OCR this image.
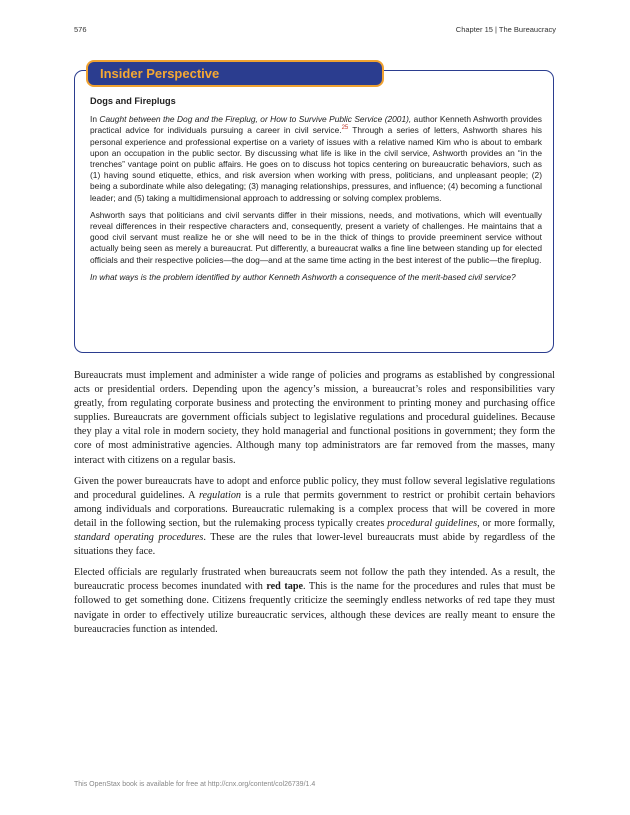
576	Chapter 15 | The Bureaucracy
Insider Perspective
Dogs and Fireplugs

In Caught between the Dog and the Fireplug, or How to Survive Public Service (2001), author Kenneth Ashworth provides practical advice for individuals pursuing a career in civil service.$^{25}$ Through a series of letters, Ashworth shares his personal experience and professional expertise on a variety of issues with a relative named Kim who is about to embark upon an occupation in the public sector. By discussing what life is like in the civil service, Ashworth provides an “in the trenches” vantage point on public affairs. He goes on to discuss hot topics centering on bureaucratic behaviors, such as (1) having sound etiquette, ethics, and risk aversion when working with press, politicians, and unpleasant people; (2) being a subordinate while also delegating; (3) managing relationships, pressures, and influence; (4) becoming a functional leader; and (5) taking a multidimensional approach to addressing or solving complex problems.

Ashworth says that politicians and civil servants differ in their missions, needs, and motivations, which will eventually reveal differences in their respective characters and, consequently, present a variety of challenges. He maintains that a good civil servant must realize he or she will need to be in the thick of things to provide preeminent service without actually being seen as merely a bureaucrat. Put differently, a bureaucrat walks a fine line between standing up for elected officials and their respective policies—the dog—and at the same time acting in the best interest of the public—the fireplug.

In what ways is the problem identified by author Kenneth Ashworth a consequence of the merit-based civil service?

Bureaucrats must implement and administer a wide range of policies and programs as established by congressional acts or presidential orders. Depending upon the agency’s mission, a bureaucrat’s roles and responsibilities vary greatly, from regulating corporate business and protecting the environment to printing money and purchasing office supplies. Bureaucrats are government officials subject to legislative regulations and procedural guidelines. Because they play a vital role in modern society, they hold managerial and functional positions in government; they form the core of most administrative agencies. Although many top administrators are far removed from the masses, many interact with citizens on a regular basis.

Given the power bureaucrats have to adopt and enforce public policy, they must follow several legislative regulations and procedural guidelines. A regulation is a rule that permits government to restrict or prohibit certain behaviors among individuals and corporations. Bureaucratic rulemaking is a complex process that will be covered in more detail in the following section, but the rulemaking process typically creates procedural guidelines, or more formally, standard operating procedures. These are the rules that lower-level bureaucrats must abide by regardless of the situations they face.

Elected officials are regularly frustrated when bureaucrats seem not follow the path they intended. As a result, the bureaucratic process becomes inundated with red tape. This is the name for the procedures and rules that must be followed to get something done. Citizens frequently criticize the seemingly endless networks of red tape they must navigate in order to effectively utilize bureaucratic services, although these devices are really meant to ensure the bureaucracies function as intended.

This OpenStax book is available for free at http://cnx.org/content/col26739/1.4
